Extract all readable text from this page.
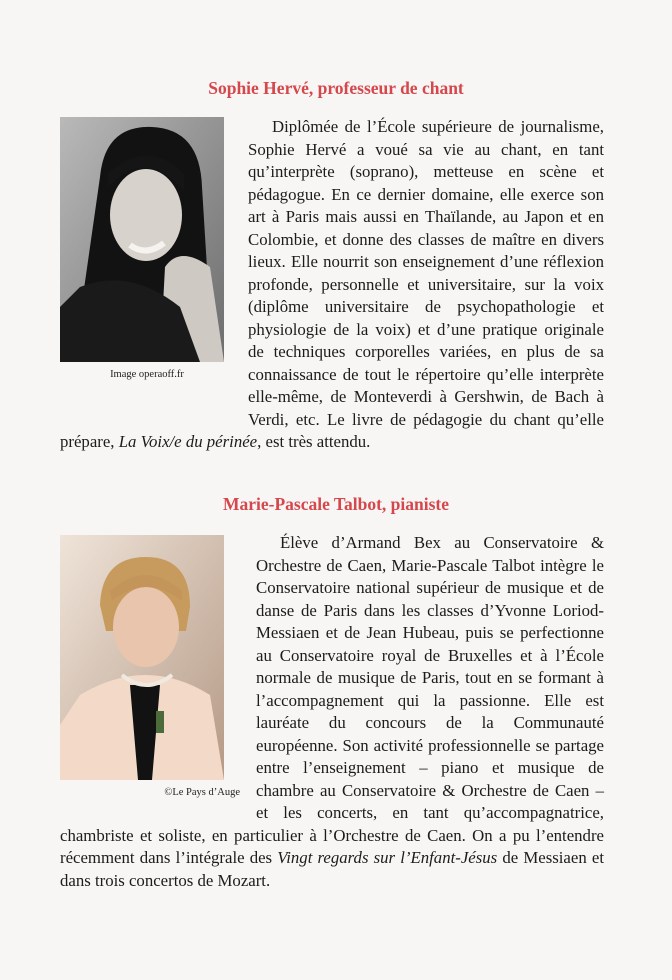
Sophie Hervé, professeur de chant
Image operaoff.fr

Diplômée de l’École supérieure de journalisme, Sophie Hervé a voué sa vie au chant, en tant qu’interprète (soprano), metteuse en scène et pédagogue. En ce dernier domaine, elle exerce son art à Paris mais aussi en Thaïlande, au Japon et en Colombie, et donne des classes de maître en divers lieux. Elle nourrit son enseignement d’une réflexion profonde, personnelle et universitaire, sur la voix (diplôme universitaire de psychopathologie et physiologie de la voix) et d’une pratique originale de techniques corporelles variées, en plus de sa connaissance de tout le répertoire qu’elle interprète elle-même, de Monteverdi à Gershwin, de Bach à Verdi, etc. Le livre de pédagogie du chant qu’elle prépare, La Voix/e du périnée, est très attendu.

Marie-Pascale Talbot, pianiste
©Le Pays d’Auge

Élève d’Armand Bex au Conservatoire & Orchestre de Caen, Marie-Pascale Talbot intègre le Conservatoire national supérieur de musique et de danse de Paris dans les classes d’Yvonne Loriod-Messiaen et de Jean Hubeau, puis se perfectionne au Conservatoire royal de Bruxelles et à l’École normale de musique de Paris, tout en se formant à l’accompagnement qui la passionne. Elle est lauréate du concours de la Communauté européenne. Son activité professionnelle se partage entre l’enseignement – piano et musique de chambre au Conservatoire & Orchestre de Caen – et les concerts, en tant qu’accompagnatrice, chambriste et soliste, en particulier à l’Orchestre de Caen. On a pu l’entendre récemment dans l’intégrale des Vingt regards sur l’Enfant-Jésus de Messiaen et dans trois concertos de Mozart.
